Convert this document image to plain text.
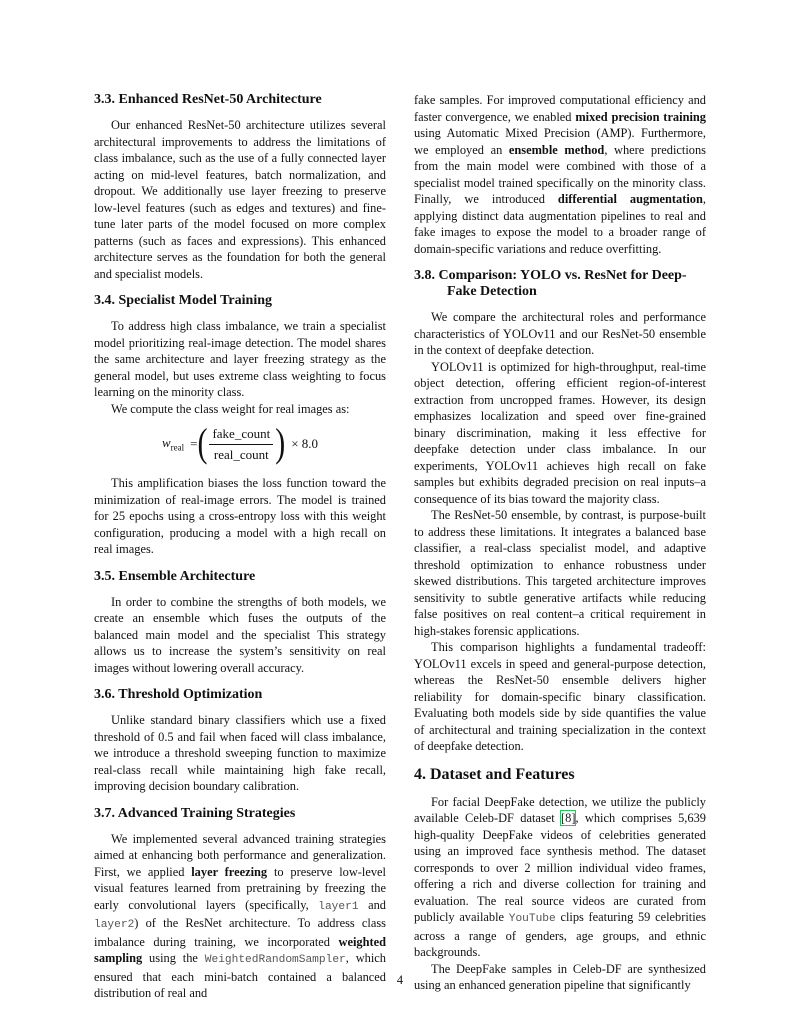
3.3. Enhanced ResNet-50 Architecture

Our enhanced ResNet-50 architecture utilizes several architectural improvements to address the limitations of class imbalance, such as the use of a fully connected layer acting on mid-level features, batch normalization, and dropout. We additionally use layer freezing to preserve low-level features (such as edges and textures) and fine-tune later parts of the model focused on more complex patterns (such as faces and expressions). This enhanced architecture serves as the foundation for both the general and specialist models.

3.4. Specialist Model Training

To address high class imbalance, we train a specialist model prioritizing real-image detection. The model shares the same architecture and layer freezing strategy as the general model, but uses extreme class weighting to focus learning on the minority class.

We compute the class weight for real images as:

$w_{real}$ = ( $\frac{\text{fake\_count}}{\text{real\_count}}$ ) × 8.0

This amplification biases the loss function toward the minimization of real-image errors. The model is trained for 25 epochs using a cross-entropy loss with this weight configuration, producing a model with a high recall on real images.

3.5. Ensemble Architecture

In order to combine the strengths of both models, we create an ensemble which fuses the outputs of the balanced main model and the specialist This strategy allows us to increase the system’s sensitivity on real images without lowering overall accuracy.

3.6. Threshold Optimization

Unlike standard binary classifiers which use a fixed threshold of 0.5 and fail when faced will class imbalance, we introduce a threshold sweeping function to maximize real-class recall while maintaining high fake recall, improving decision boundary calibration.

3.7. Advanced Training Strategies

We implemented several advanced training strategies aimed at enhancing both performance and generalization. First, we applied layer freezing to preserve low-level visual features learned from pretraining by freezing the early convolutional layers (specifically, layer1 and layer2) of the ResNet architecture. To address class imbalance during training, we incorporated weighted sampling using the WeightedRandomSampler, which ensured that each mini-batch contained a balanced distribution of real and

fake samples. For improved computational efficiency and faster convergence, we enabled mixed precision training using Automatic Mixed Precision (AMP). Furthermore, we employed an ensemble method, where predictions from the main model were combined with those of a specialist model trained specifically on the minority class. Finally, we introduced differential augmentation, applying distinct data augmentation pipelines to real and fake images to expose the model to a broader range of domain-specific variations and reduce overfitting.

3.8. Comparison: YOLO vs. ResNet for Deep-Fake Detection

We compare the architectural roles and performance characteristics of YOLOv11 and our ResNet-50 ensemble in the context of deepfake detection.

YOLOv11 is optimized for high-throughput, real-time object detection, offering efficient region-of-interest extraction from uncropped frames. However, its design emphasizes localization and speed over fine-grained binary discrimination, making it less effective for deepfake detection under class imbalance. In our experiments, YOLOv11 achieves high recall on fake samples but exhibits degraded precision on real inputs–a consequence of its bias toward the majority class.

The ResNet-50 ensemble, by contrast, is purpose-built to address these limitations. It integrates a balanced base classifier, a real-class specialist model, and adaptive threshold optimization to enhance robustness under skewed distributions. This targeted architecture improves sensitivity to subtle generative artifacts while reducing false positives on real content–a critical requirement in high-stakes forensic applications.

This comparison highlights a fundamental tradeoff: YOLOv11 excels in speed and general-purpose detection, whereas the ResNet-50 ensemble delivers higher reliability for domain-specific binary classification. Evaluating both models side by side quantifies the value of architectural and training specialization in the context of deepfake detection.

4. Dataset and Features

For facial DeepFake detection, we utilize the publicly available Celeb-DF dataset [8], which comprises 5,639 high-quality DeepFake videos of celebrities generated using an improved face synthesis method. The dataset corresponds to over 2 million individual video frames, offering a rich and diverse collection for training and evaluation. The real source videos are curated from publicly available YouTube clips featuring 59 celebrities across a range of genders, age groups, and ethnic backgrounds.

The DeepFake samples in Celeb-DF are synthesized using an enhanced generation pipeline that significantly

4
